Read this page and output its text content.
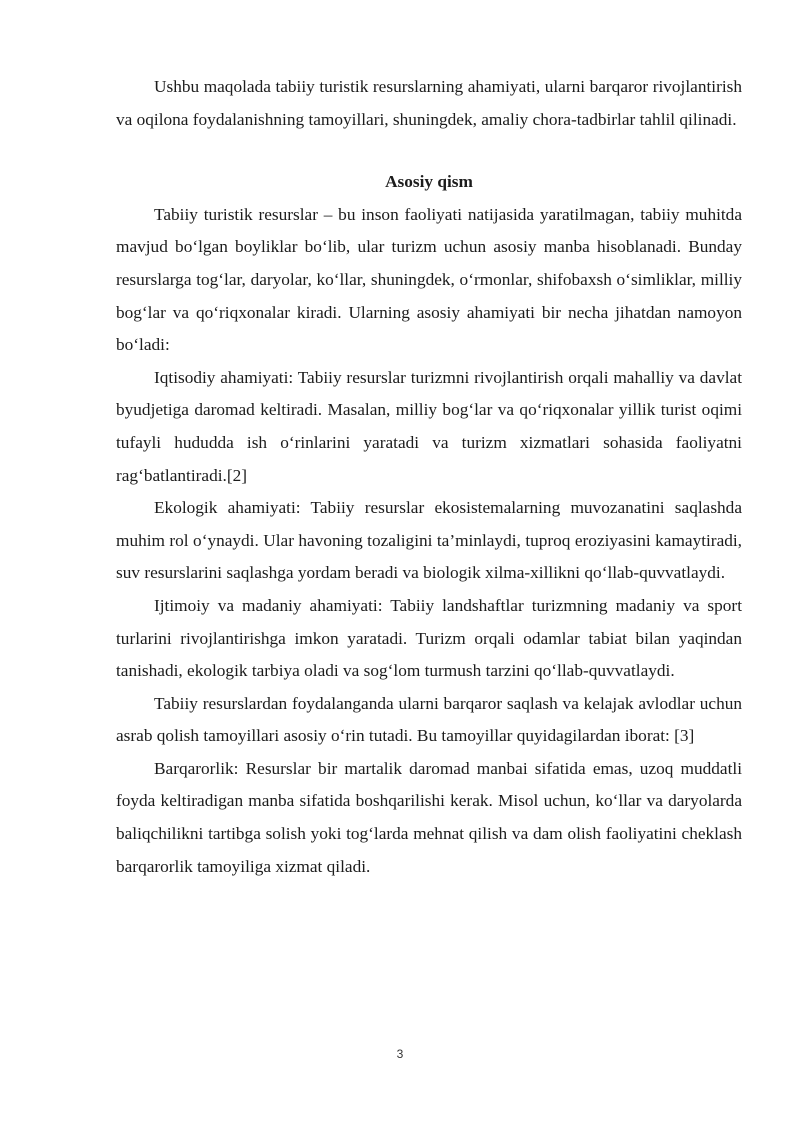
Ushbu maqolada tabiiy turistik resurslarning ahamiyati, ularni barqaror rivojlantirish va oqilona foydalanishning tamoyillari, shuningdek, amaliy chora-tadbirlar tahlil qilinadi.

Asosiy qism

Tabiiy turistik resurslar – bu inson faoliyati natijasida yaratilmagan, tabiiy muhitda mavjud bo‘lgan boyliklar bo‘lib, ular turizm uchun asosiy manba hisoblanadi. Bunday resurslarga tog‘lar, daryolar, ko‘llar, shuningdek, o‘rmonlar, shifobaxsh o‘simliklar, milliy bog‘lar va qo‘riqxonalar kiradi. Ularning asosiy ahamiyati bir necha jihatdan namoyon bo‘ladi:

Iqtisodiy ahamiyati: Tabiiy resurslar turizmni rivojlantirish orqali mahalliy va davlat byudjetiga daromad keltiradi. Masalan, milliy bog‘lar va qo‘riqxonalar yillik turist oqimi tufayli hududda ish o‘rinlarini yaratadi va turizm xizmatlari sohasida faoliyatni rag‘batlantiradi.[2]

Ekologik ahamiyati: Tabiiy resurslar ekosistemalarning muvozanatini saqlashda muhim rol o‘ynaydi. Ular havoning tozaligini ta’minlaydi, tuproq eroziyasini kamaytiradi, suv resurslarini saqlashga yordam beradi va biologik xilma-xillikni qo‘llab-quvvatlaydi.

Ijtimoiy va madaniy ahamiyati: Tabiiy landshaftlar turizmning madaniy va sport turlarini rivojlantirishga imkon yaratadi. Turizm orqali odamlar tabiat bilan yaqindan tanishadi, ekologik tarbiya oladi va sog‘lom turmush tarzini qo‘llab-quvvatlaydi.

Tabiiy resurslardan foydalanganda ularni barqaror saqlash va kelajak avlodlar uchun asrab qolish tamoyillari asosiy o‘rin tutadi. Bu tamoyillar quyidagilardan iborat: [3]

Barqarorlik: Resurslar bir martalik daromad manbai sifatida emas, uzoq muddatli foyda keltiradigan manba sifatida boshqarilishi kerak. Misol uchun, ko‘llar va daryolarda baliqchilikni tartibga solish yoki tog‘larda mehnat qilish va dam olish faoliyatini cheklash barqarorlik tamoyiliga xizmat qiladi.

3
